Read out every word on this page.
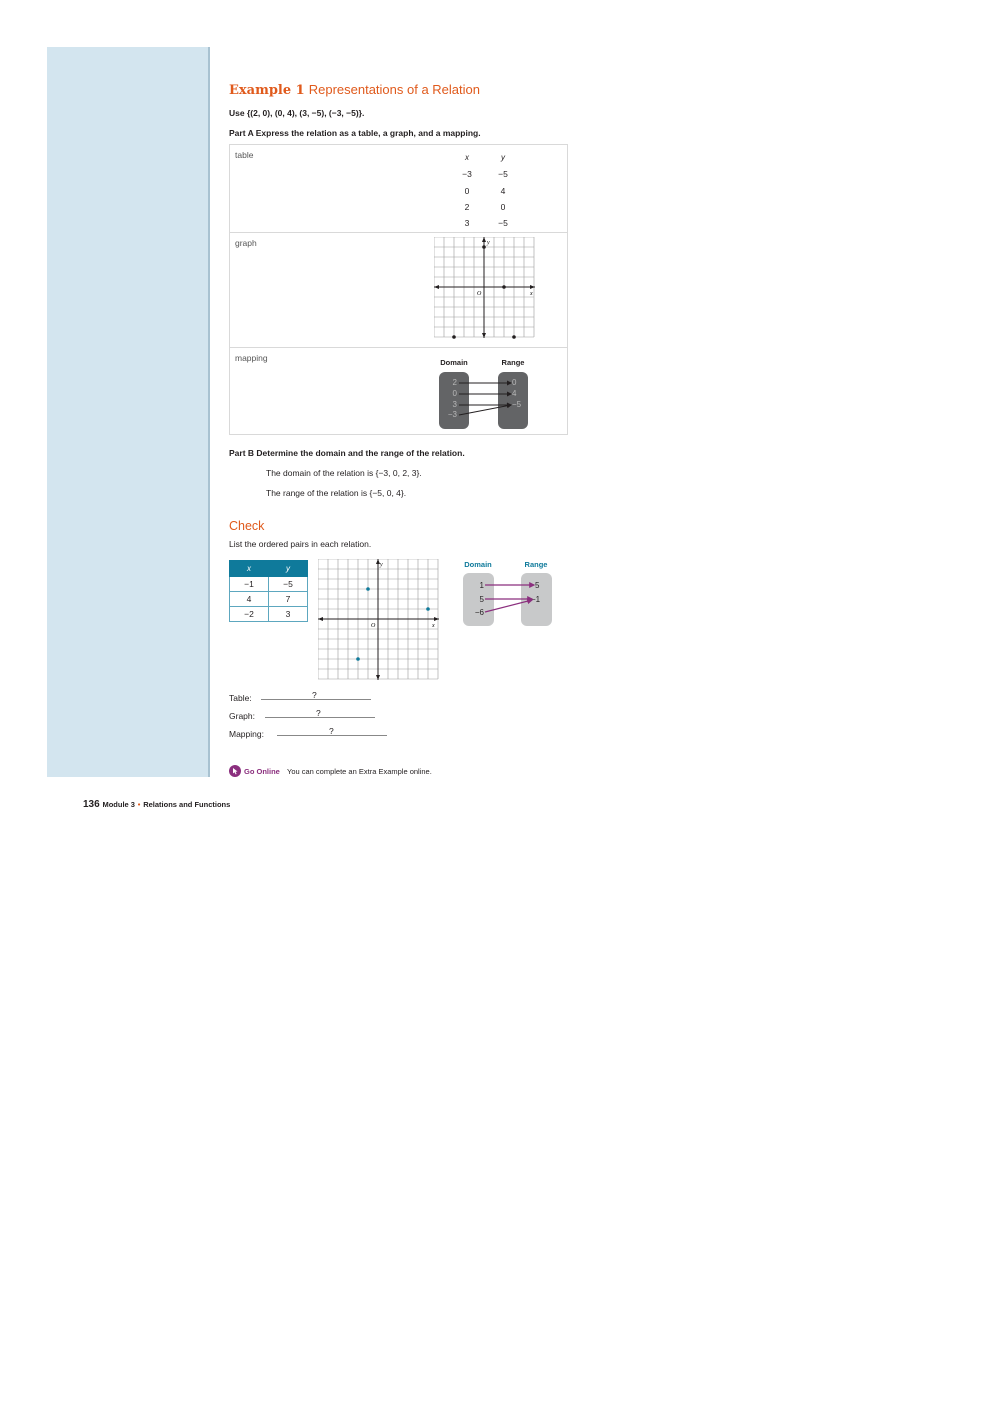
Example 1 Representations of a Relation
Use {(2, 0), (0, 4), (3, −5), (−3, −5)}.
Part A Express the relation as a table, a graph, and a mapping.
table	x	y
−3	−5
0	4
2	0
3	−5
graph	y
x
O
mapping	Domain	Range
2
0
3
−3
0
4
−5
Part B Determine the domain and the range of the relation.
The domain of the relation is {−3, 0, 2, 3}.
The range of the relation is {−5, 0, 4}.
Check
List the ordered pairs in each relation.
x	y
−1	−5
4	7
−2	3
y
x
O
Domain	Range
1
5
−6
5
−1
Table:	?
Graph:	?
Mapping:	?
Go Online You can complete an Extra Example online.
136 Module 3 • Relations and Functions
